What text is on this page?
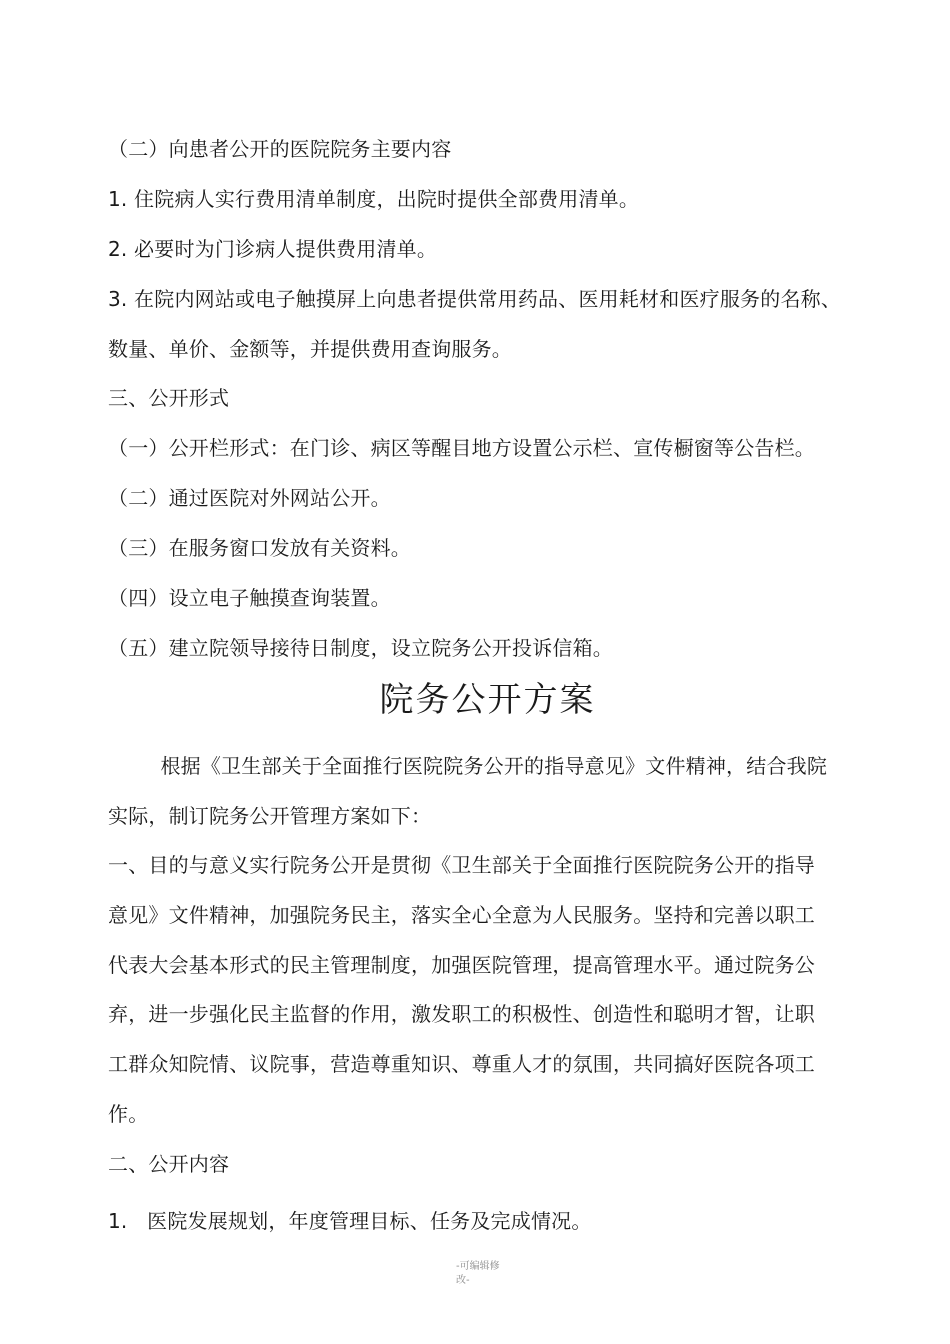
（二）向患者公开的医院院务主要内容
1. 住院病人实行费用清单制度，出院时提供全部费用清单。
2. 必要时为门诊病人提供费用清单。
3. 在院内网站或电子触摸屏上向患者提供常用药品、医用耗材和医疗服务的名称、
数量、单价、金额等，并提供费用查询服务。
三、公开形式
（一）公开栏形式：在门诊、病区等醒目地方设置公示栏、宣传橱窗等公告栏。
（二）通过医院对外网站公开。
（三）在服务窗口发放有关资料。
（四）设立电子触摸查询装置。
（五）建立院领导接待日制度，设立院务公开投诉信箱。
院务公开方案
根据《卫生部关于全面推行医院院务公开的指导意见》文件精神，结合我院
实际，制订院务公开管理方案如下：
一、目的与意义实行院务公开是贯彻《卫生部关于全面推行医院院务公开的指导
意见》文件精神，加强院务民主，落实全心全意为人民服务。坚持和完善以职工
代表大会基本形式的民主管理制度，加强医院管理，提高管理水平。通过院务公
弃，进一步强化民主监督的作用，激发职工的积极性、创造性和聪明才智，让职
工群众知院情、议院事，营造尊重知识、尊重人才的氛围，共同搞好医院各项工
作。
二、公开内容
1.   医院发展规划，年度管理目标、任务及完成情况。
-可编辑修
改-
